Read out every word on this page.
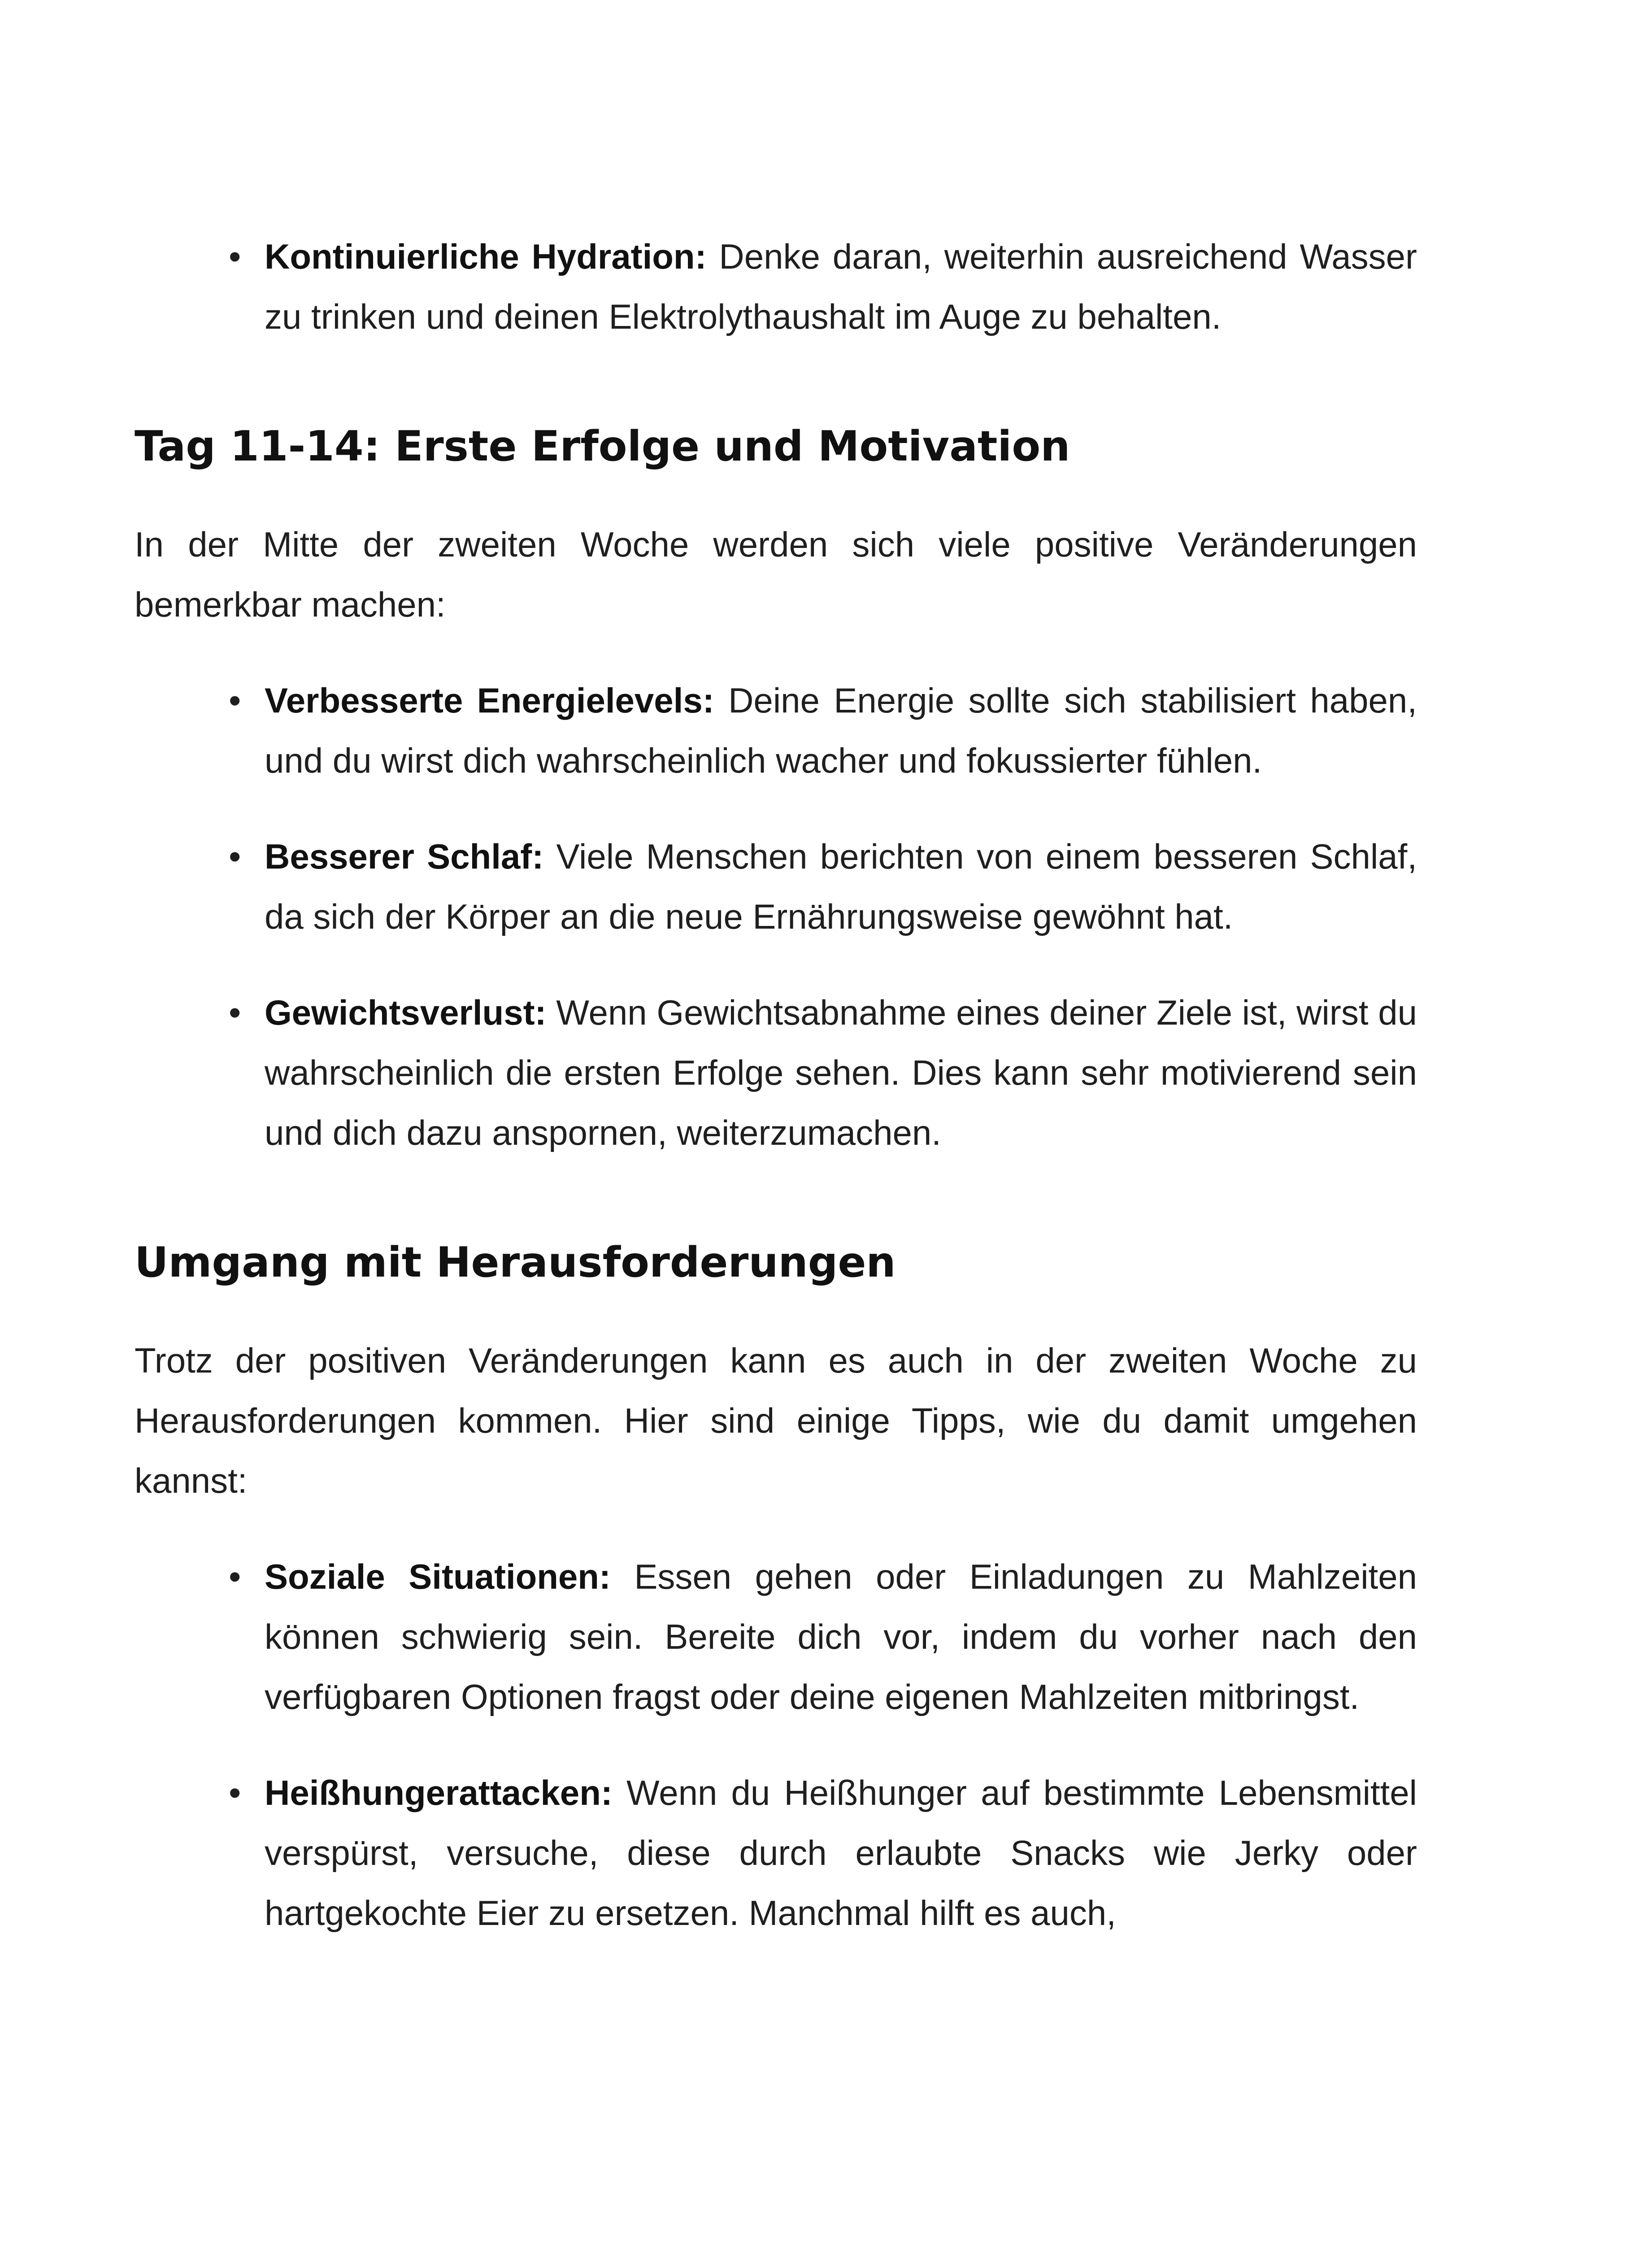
• Kontinuierliche Hydration: Denke daran, weiterhin ausreichend Wasser zu trinken und deinen Elektrolythaushalt im Auge zu behalten.
Tag 11-14: Erste Erfolge und Motivation

In der Mitte der zweiten Woche werden sich viele positive Veränderungen bemerkbar machen:

• Verbesserte Energielevels: Deine Energie sollte sich stabilisiert haben, und du wirst dich wahrscheinlich wacher und fokussierter fühlen.
• Besserer Schlaf: Viele Menschen berichten von einem besseren Schlaf, da sich der Körper an die neue Ernährungsweise gewöhnt hat.
• Gewichtsverlust: Wenn Gewichtsabnahme eines deiner Ziele ist, wirst du wahrscheinlich die ersten Erfolge sehen. Dies kann sehr motivierend sein und dich dazu anspornen, weiterzumachen.
Umgang mit Herausforderungen

Trotz der positiven Veränderungen kann es auch in der zweiten Woche zu Herausforderungen kommen. Hier sind einige Tipps, wie du damit umgehen kannst:

• Soziale Situationen: Essen gehen oder Einladungen zu Mahlzeiten können schwierig sein. Bereite dich vor, indem du vorher nach den verfügbaren Optionen fragst oder deine eigenen Mahlzeiten mitbringst.
• Heißhungerattacken: Wenn du Heißhunger auf bestimmte Lebensmittel verspürst, versuche, diese durch erlaubte Snacks wie Jerky oder hartgekochte Eier zu ersetzen. Manchmal hilft es auch,
